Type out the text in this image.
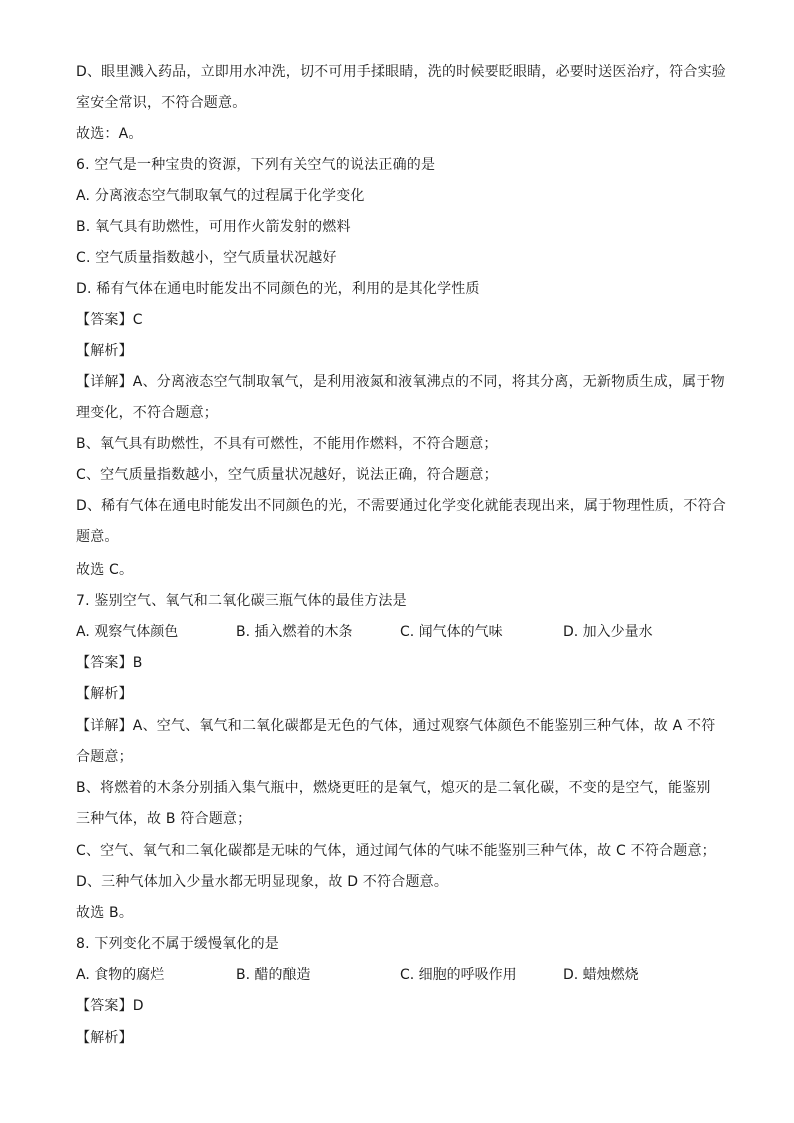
D、眼里溅入药品，立即用水冲洗，切不可用手揉眼睛，洗的时候要眨眼睛，必要时送医治疗，符合实验
室安全常识，不符合题意。
故选：A。
6. 空气是一种宝贵的资源，下列有关空气的说法正确的是
A. 分离液态空气制取氧气的过程属于化学变化
B. 氧气具有助燃性，可用作火箭发射的燃料
C. 空气质量指数越小，空气质量状况越好
D. 稀有气体在通电时能发出不同颜色的光，利用的是其化学性质
【答案】C
【解析】
【详解】A、分离液态空气制取氧气，是利用液氮和液氧沸点的不同，将其分离，无新物质生成，属于物
理变化，不符合题意；
B、氧气具有助燃性，不具有可燃性，不能用作燃料，不符合题意；
C、空气质量指数越小，空气质量状况越好，说法正确，符合题意；
D、稀有气体在通电时能发出不同颜色的光，不需要通过化学变化就能表现出来，属于物理性质，不符合
题意。
故选 C。
7. 鉴别空气、氧气和二氧化碳三瓶气体的最佳方法是
A. 观察气体颜色	B. 插入燃着的木条	C. 闻气体的气味	D. 加入少量水
【答案】B
【解析】
【详解】A、空气、氧气和二氧化碳都是无色的气体，通过观察气体颜色不能鉴别三种气体，故 A 不符
合题意；
B、将燃着的木条分别插入集气瓶中，燃烧更旺的是氧气，熄灭的是二氧化碳，不变的是空气，能鉴别
三种气体，故 B 符合题意；
C、空气、氧气和二氧化碳都是无味的气体，通过闻气体的气味不能鉴别三种气体，故 C 不符合题意；
D、三种气体加入少量水都无明显现象，故 D 不符合题意。
故选 B。
8. 下列变化不属于缓慢氧化的是
A. 食物的腐烂	B. 醋的酿造	C. 细胞的呼吸作用	D. 蜡烛燃烧
【答案】D
【解析】
